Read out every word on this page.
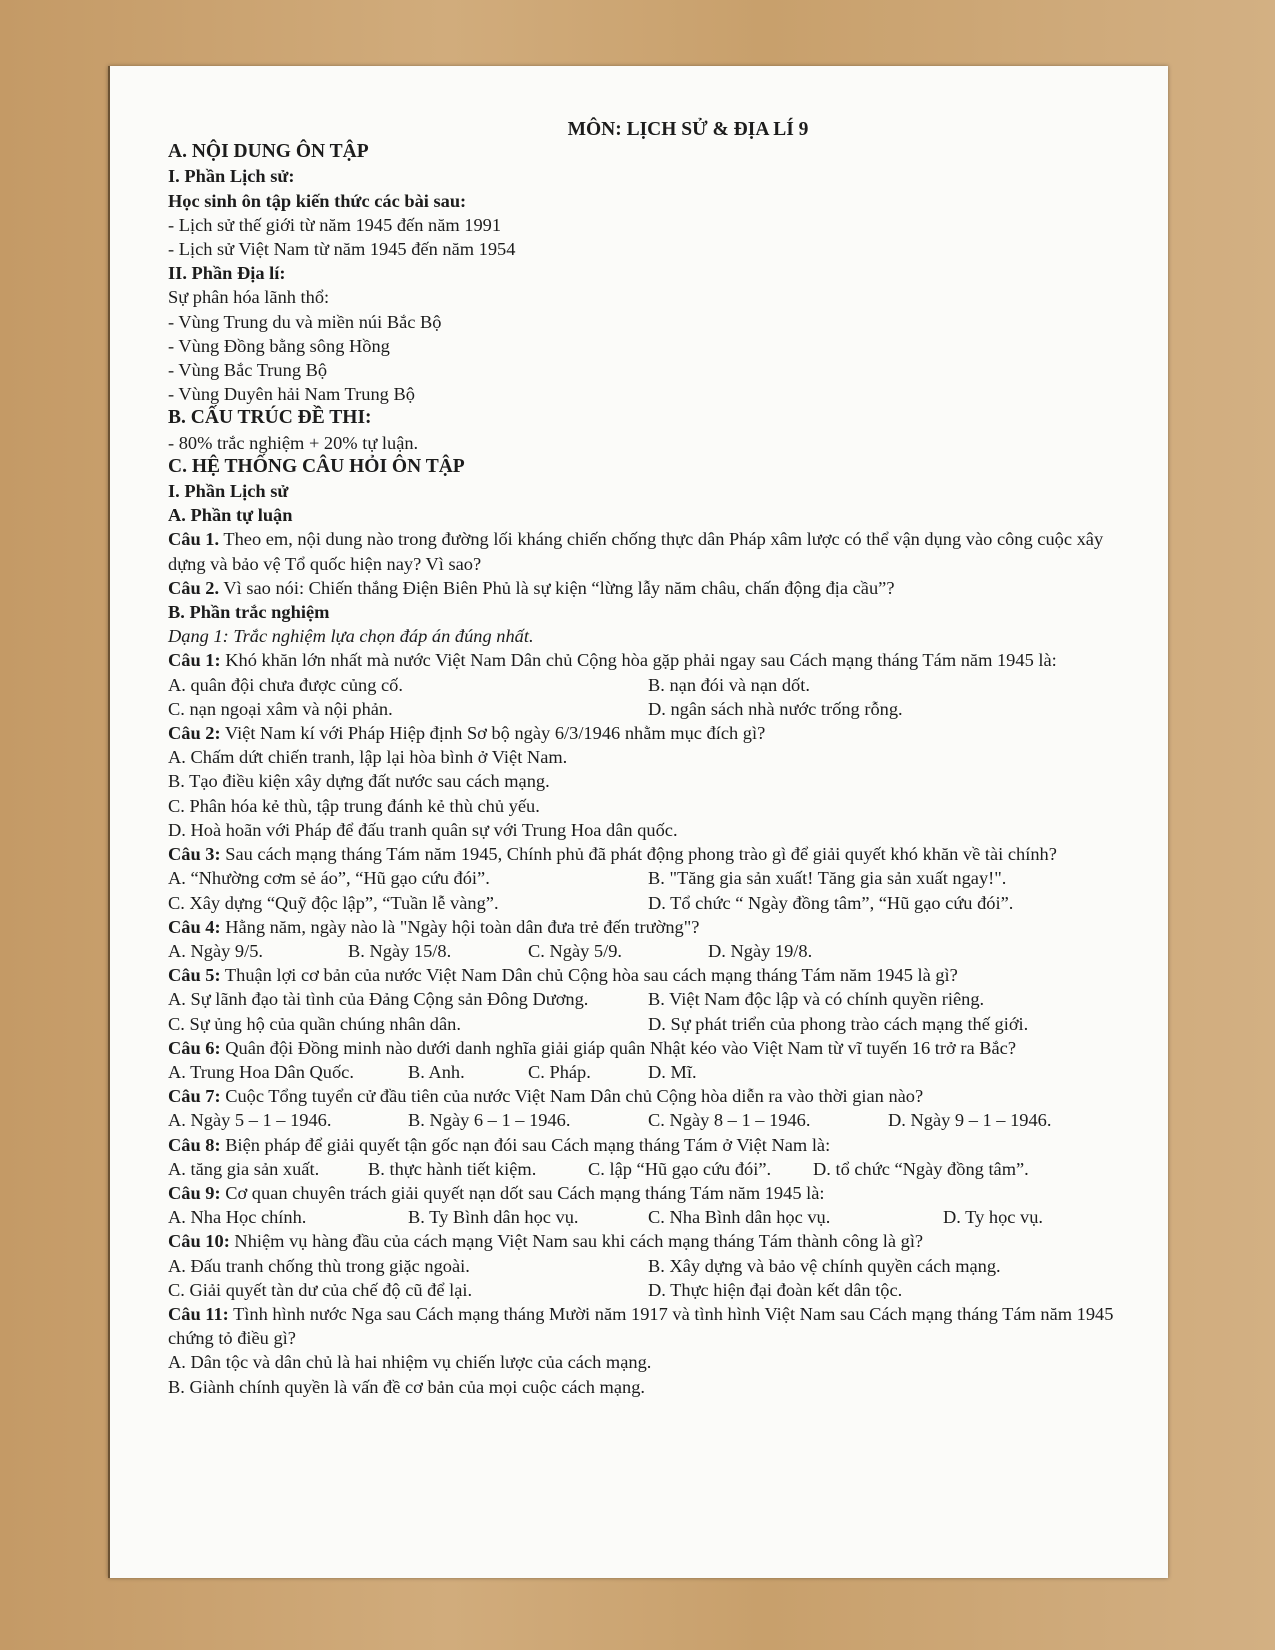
MÔN: LỊCH SỬ & ĐỊA LÍ 9
A. NỘI DUNG ÔN TẬP
I. Phần Lịch sử:
Học sinh ôn tập kiến thức các bài sau:
- Lịch sử thế giới từ năm 1945 đến năm 1991
- Lịch sử Việt Nam từ năm 1945 đến năm 1954
II. Phần Địa lí:
Sự phân hóa lãnh thổ:
- Vùng Trung du và miền núi Bắc Bộ
- Vùng Đồng bằng sông Hồng
- Vùng Bắc Trung Bộ
- Vùng Duyên hải Nam Trung Bộ
B. CẤU TRÚC ĐỀ THI:
- 80% trắc nghiệm + 20% tự luận.
C. HỆ THỐNG CÂU HỎI ÔN TẬP
I. Phần Lịch sử
A. Phần tự luận
Câu 1. Theo em, nội dung nào trong đường lối kháng chiến chống thực dân Pháp xâm lược có thể vận dụng vào công cuộc xây dựng và bảo vệ Tổ quốc hiện nay? Vì sao?
Câu 2. Vì sao nói: Chiến thắng Điện Biên Phủ là sự kiện “lừng lẫy năm châu, chấn động địa cầu”?
B. Phần trắc nghiệm
Dạng 1: Trắc nghiệm lựa chọn đáp án đúng nhất.
Câu 1: Khó khăn lớn nhất mà nước Việt Nam Dân chủ Cộng hòa gặp phải ngay sau Cách mạng tháng Tám năm 1945 là:
A. quân đội chưa được củng cố.	B. nạn đói và nạn dốt.
C. nạn ngoại xâm và nội phản.	D. ngân sách nhà nước trống rỗng.
Câu 2: Việt Nam kí với Pháp Hiệp định Sơ bộ ngày 6/3/1946 nhằm mục đích gì?
A. Chấm dứt chiến tranh, lập lại hòa bình ở Việt Nam.
B. Tạo điều kiện xây dựng đất nước sau cách mạng.
C. Phân hóa kẻ thù, tập trung đánh kẻ thù chủ yếu.
D. Hoà hoãn với Pháp để đấu tranh quân sự với Trung Hoa dân quốc.
Câu 3: Sau cách mạng tháng Tám năm 1945, Chính phủ đã phát động phong trào gì để giải quyết khó khăn về tài chính?
A. “Nhường cơm sẻ áo”, “Hũ gạo cứu đói”.	B. "Tăng gia sản xuất! Tăng gia sản xuất ngay!".
C. Xây dựng “Quỹ độc lập”, “Tuần lễ vàng”.	D. Tổ chức “ Ngày đồng tâm”, “Hũ gạo cứu đói”.
Câu 4: Hằng năm, ngày nào là "Ngày hội toàn dân đưa trẻ đến trường"?
A. Ngày 9/5.	B. Ngày 15/8.	C. Ngày 5/9.	D. Ngày 19/8.
Câu 5: Thuận lợi cơ bản của nước Việt Nam Dân chủ Cộng hòa sau cách mạng tháng Tám năm 1945 là gì?
A. Sự lãnh đạo tài tình của Đảng Cộng sản Đông Dương.	B. Việt Nam độc lập và có chính quyền riêng.
C. Sự ủng hộ của quần chúng nhân dân.	D. Sự phát triển của phong trào cách mạng thế giới.
Câu 6: Quân đội Đồng minh nào dưới danh nghĩa giải giáp quân Nhật kéo vào Việt Nam từ vĩ tuyến 16 trở ra Bắc?
A. Trung Hoa Dân Quốc.	B. Anh.	C. Pháp.	D. Mĩ.
Câu 7: Cuộc Tổng tuyển cử đầu tiên của nước Việt Nam Dân chủ Cộng hòa diễn ra vào thời gian nào?
A. Ngày 5 – 1 – 1946.	B. Ngày 6 – 1 – 1946.	C. Ngày 8 – 1 – 1946.	D. Ngày 9 – 1 – 1946.
Câu 8: Biện pháp để giải quyết tận gốc nạn đói sau Cách mạng tháng Tám ở Việt Nam là:
A. tăng gia sản xuất.	B. thực hành tiết kiệm.	C. lập “Hũ gạo cứu đói”.	D. tổ chức “Ngày đồng tâm”.
Câu 9: Cơ quan chuyên trách giải quyết nạn dốt sau Cách mạng tháng Tám năm 1945 là:
A. Nha Học chính.	B. Ty Bình dân học vụ.	C. Nha Bình dân học vụ.	D. Ty học vụ.
Câu 10: Nhiệm vụ hàng đầu của cách mạng Việt Nam sau khi cách mạng tháng Tám thành công là gì?
A. Đấu tranh chống thù trong giặc ngoài.	B. Xây dựng và bảo vệ chính quyền cách mạng.
C. Giải quyết tàn dư của chế độ cũ để lại.	D. Thực hiện đại đoàn kết dân tộc.
Câu 11: Tình hình nước Nga sau Cách mạng tháng Mười năm 1917 và tình hình Việt Nam sau Cách mạng tháng Tám năm 1945 chứng tỏ điều gì?
A. Dân tộc và dân chủ là hai nhiệm vụ chiến lược của cách mạng.
B. Giành chính quyền là vấn đề cơ bản của mọi cuộc cách mạng.
